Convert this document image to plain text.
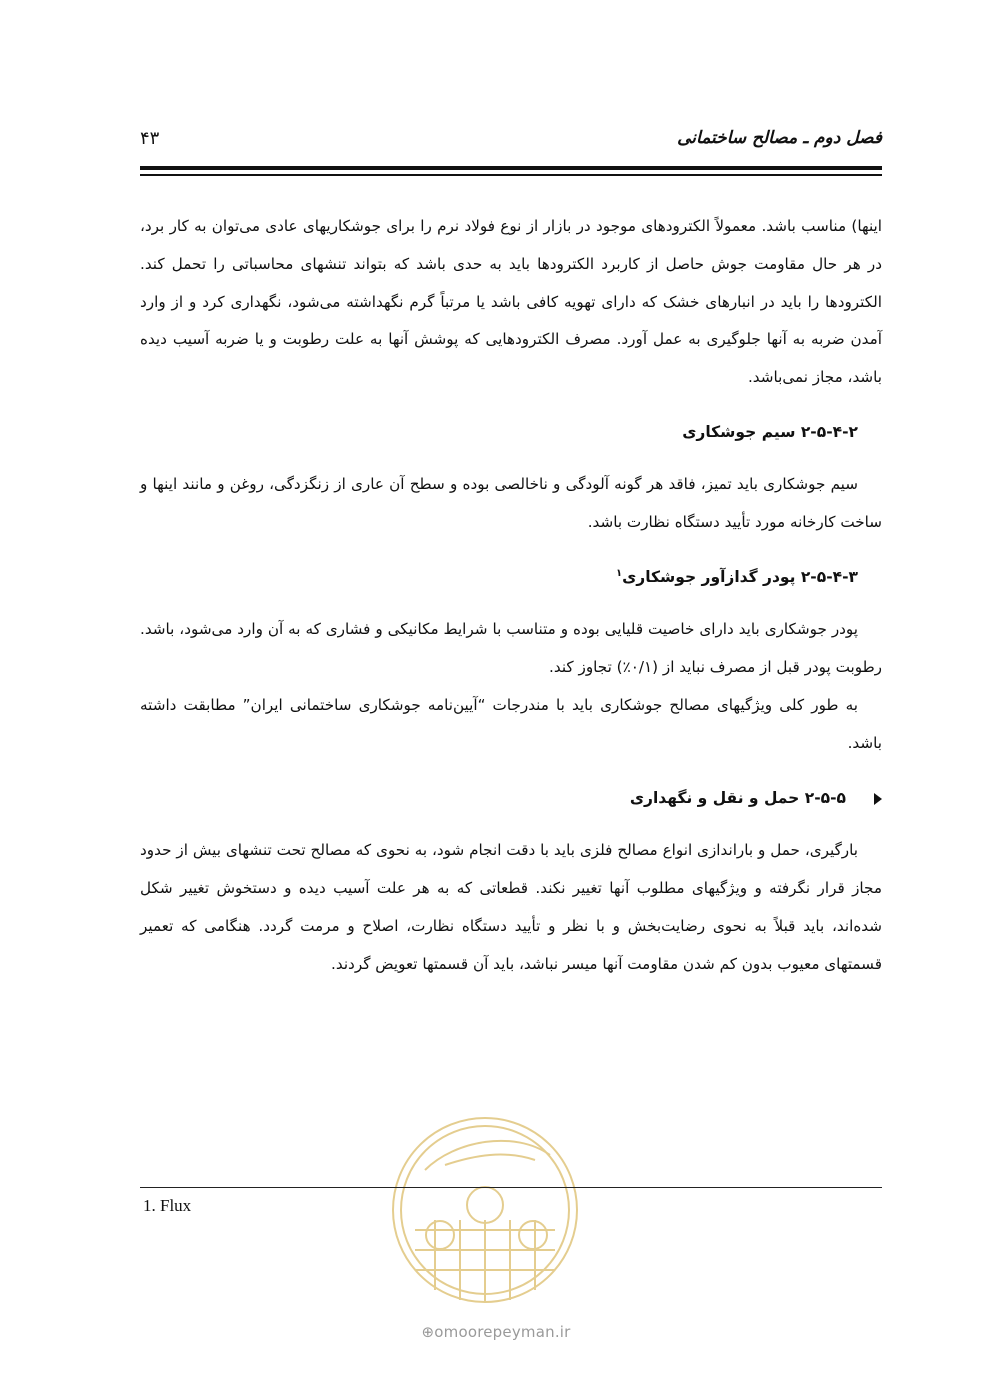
فصل دوم ـ مصالح ساختمانی
۴۳

اینها) مناسب باشد. معمولاً الکترودهای موجود در بازار از نوع فولاد نرم را برای جوشکاریهای عادی می‌توان به کار برد، در هر حال مقاومت جوش حاصل از کاربرد الکترودها باید به حدی باشد که بتواند تنشهای محاسباتی را تحمل کند. الکترودها را باید در انبارهای خشک که دارای تهویه کافی باشد یا مرتباً گرم نگهداشته می‌شود، نگهداری کرد و از وارد آمدن ضربه به آنها جلوگیری به عمل آورد. مصرف الکترودهایی که پوشش آنها به علت رطوبت و یا ضربه آسیب دیده باشد، مجاز نمی‌باشد.

۲-۵-۴-۲ سیم جوشکاری

سیم جوشکاری باید تمیز، فاقد هر گونه آلودگی و ناخالصی بوده و سطح آن عاری از زنگزدگی، روغن و مانند اینها و ساخت کارخانه مورد تأیید دستگاه نظارت باشد.

۲-۵-۴-۳ پودر گدازآور جوشکاری$^۱$

پودر جوشکاری باید دارای خاصیت قلیایی بوده و متناسب با شرایط مکانیکی و فشاری که به آن وارد می‌شود، باشد. رطوبت پودر قبل از مصرف نباید از (۰/۱٪) تجاوز کند.

به طور کلی ویژگیهای مصالح جوشکاری باید با مندرجات “آیین‌نامه جوشکاری ساختمانی ایران” مطابقت داشته باشد.

۲-۵-۵ حمل و نقل و نگهداری

بارگیری، حمل و باراندازی انواع مصالح فلزی باید با دقت انجام شود، به نحوی که مصالح تحت تنشهای بیش از حدود مجاز قرار نگرفته و ویژگیهای مطلوب آنها تغییر نکند. قطعاتی که به هر علت آسیب دیده و دستخوش تغییر شکل شده‌اند، باید قبلاً به نحوی رضایت‌بخش و با نظر و تأیید دستگاه نظارت، اصلاح و مرمت گردد. هنگامی که تعمیر قسمتهای معیوب بدون کم شدن مقاومت آنها میسر نباشد، باید آن قسمتها تعویض گردند.

1. Flux
⊕omoorepeyman.ir
